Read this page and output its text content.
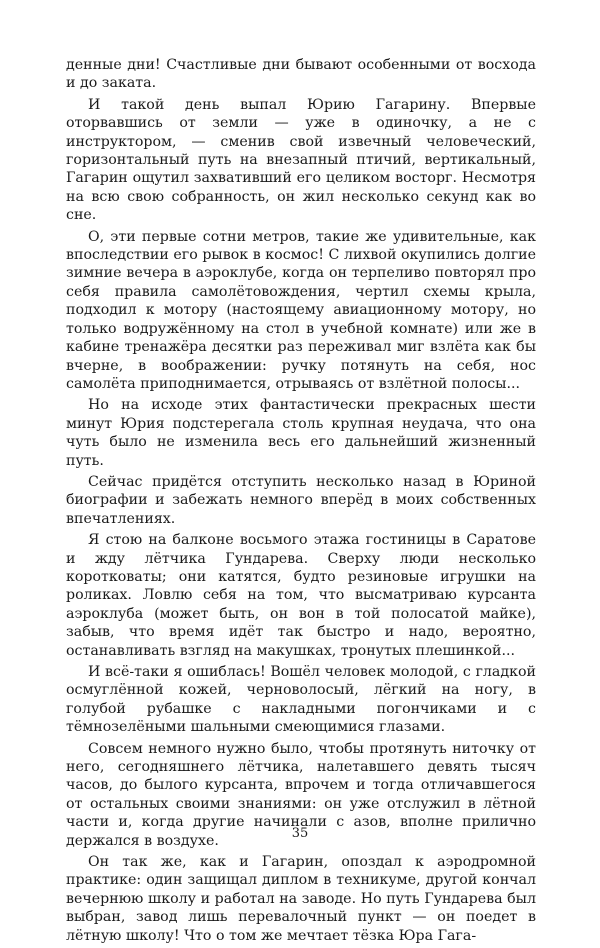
денные дни! Счастливые дни бывают особенными от восхода и до заката.

И такой день выпал Юрию Гагарину. Впервые оторвавшись от земли — уже в одиночку, а не с инструктором, — сменив свой извечный человеческий, горизонтальный путь на внезапный птичий, вертикальный, Гагарин ощутил захвативший его целиком восторг. Несмотря на всю свою собранность, он жил несколько секунд как во сне.

О, эти первые сотни метров, такие же удивительные, как впоследствии его рывок в космос! С лихвой окупились долгие зимние вечера в аэроклубе, когда он терпеливо повторял про себя правила самолётовождения, чертил схемы крыла, подходил к мотору (настоящему авиационному мотору, но только водружённому на стол в учебной комнате) или же в кабине тренажёра десятки раз переживал миг взлёта как бы вчерне, в воображении: ручку потянуть на себя, нос самолёта приподнимается, отрываясь от взлётной полосы...

Но на исходе этих фантастически прекрасных шести минут Юрия подстерегала столь крупная неудача, что она чуть было не изменила весь его дальнейший жизненный путь.

Сейчас придётся отступить несколько назад в Юриной биографии и забежать немного вперёд в моих собственных впечатлениях.

Я стою на балконе восьмого этажа гостиницы в Саратове и жду лётчика Гундарева. Сверху люди несколько коротковаты; они катятся, будто резиновые игрушки на роликах. Ловлю себя на том, что высматриваю курсанта аэроклуба (может быть, он вон в той полосатой майке), забыв, что время идёт так быстро и надо, вероятно, останавливать взгляд на макушках, тронутых плешинкой...

И всё-таки я ошиблась! Вошёл человек молодой, с гладкой осмуглённой кожей, черноволосый, лёгкий на ногу, в голубой рубашке с накладными погончиками и с тёмнозелёными шальными смеющимися глазами.

Совсем немного нужно было, чтобы протянуть ниточку от него, сегодняшнего лётчика, налетавшего девять тысяч часов, до былого курсанта, впрочем и тогда отличавшегося от остальных своими знаниями: он уже отслужил в лётной части и, когда другие начинали с азов, вполне прилично держался в воздухе.

Он так же, как и Гагарин, опоздал к аэродромной практике: один защищал диплом в техникуме, другой кончал вечернюю школу и работал на заводе. Но путь Гундарева был выбран, завод лишь перевалочный пункт — он поедет в лётную школу! Что о том же мечтает тёзка Юра Гага-

35
